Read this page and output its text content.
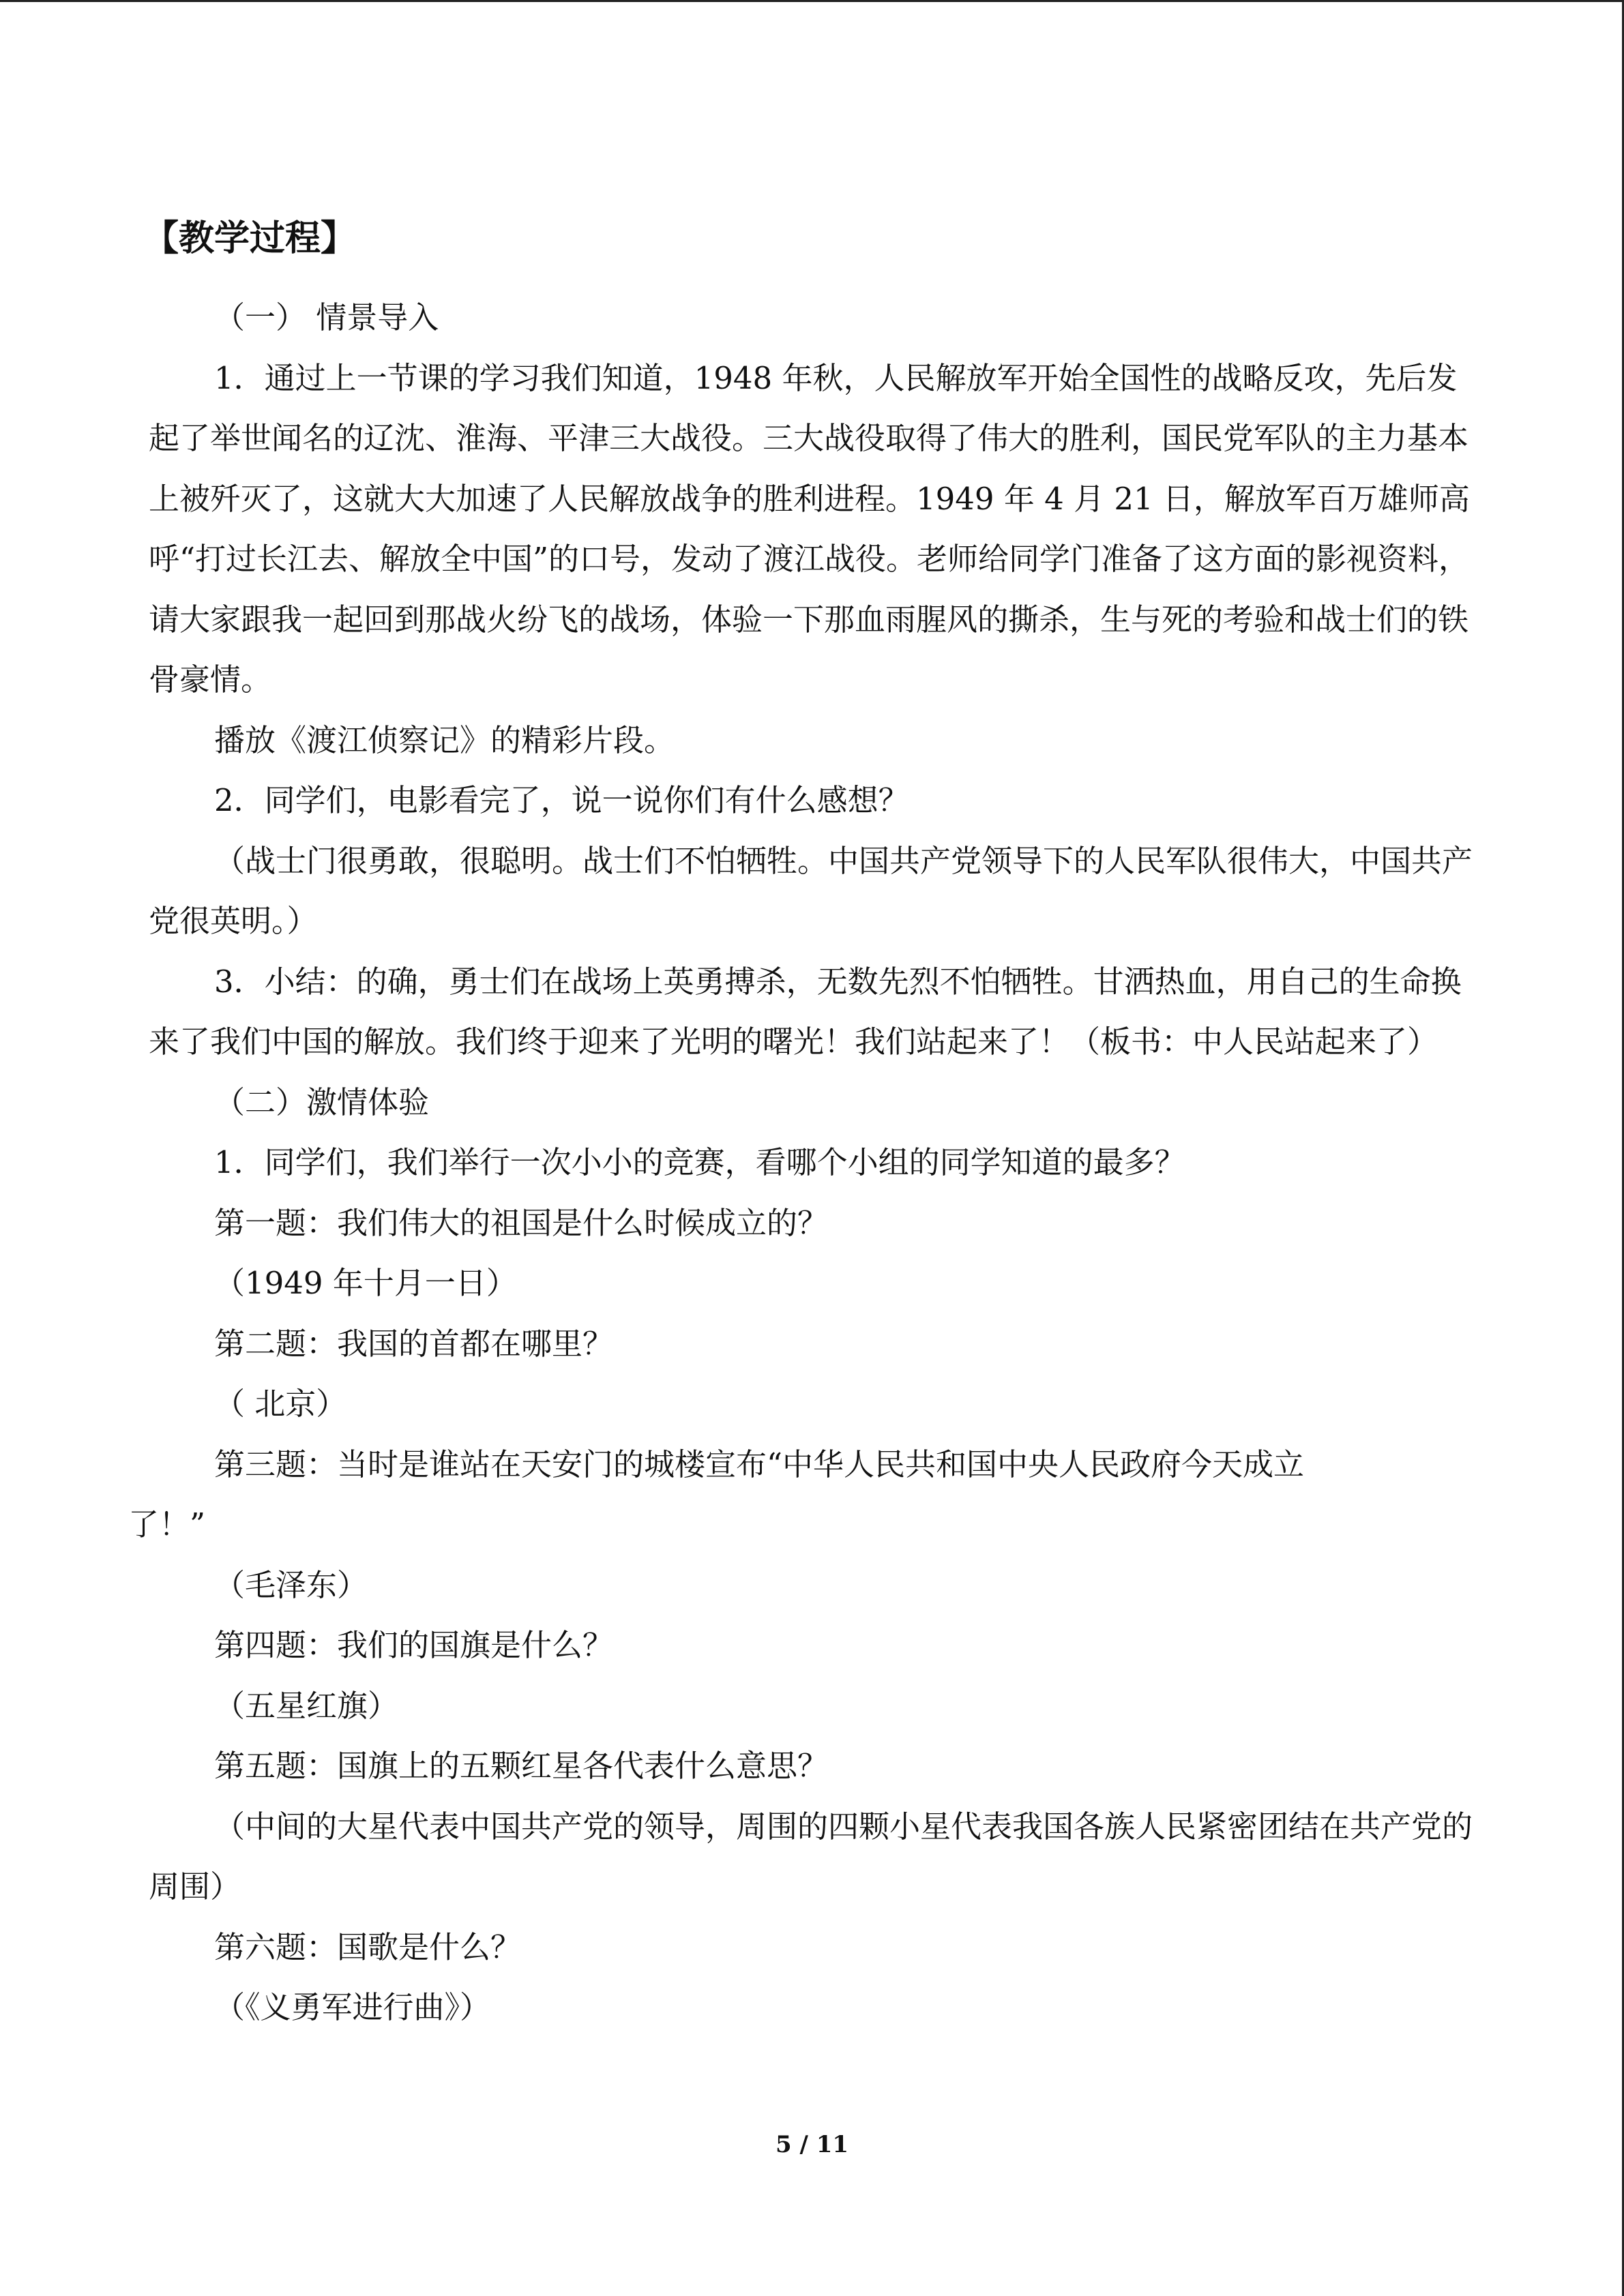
【教学过程】

（一） 情景导入

1．通过上一节课的学习我们知道，1948 年秋，人民解放军开始全国性的战略反攻，先后发起了举世闻名的辽沈、淮海、平津三大战役。三大战役取得了伟大的胜利，国民党军队的主力基本上被歼灭了，这就大大加速了人民解放战争的胜利进程。1949 年 4 月 21 日，解放军百万雄师高呼“打过长江去、解放全中国”的口号，发动了渡江战役。老师给同学门准备了这方面的影视资料，请大家跟我一起回到那战火纷飞的战场，体验一下那血雨腥风的撕杀，生与死的考验和战士们的铁骨豪情。

播放《渡江侦察记》的精彩片段。

2．同学们，电影看完了，说一说你们有什么感想？

（战士门很勇敢，很聪明。战士们不怕牺牲。中国共产党领导下的人民军队很伟大，中国共产党很英明。）

3．小结：的确，勇士们在战场上英勇搏杀，无数先烈不怕牺牲。甘洒热血，用自己的生命换来了我们中国的解放。我们终于迎来了光明的曙光！我们站起来了！（板书：中人民站起来了）

（二）激情体验

1．同学们，我们举行一次小小的竞赛，看哪个小组的同学知道的最多？

第一题：我们伟大的祖国是什么时候成立的？

（1949 年十月一日）

第二题：我国的首都在哪里？

（ 北京）

第三题：当时是谁站在天安门的城楼宣布“中华人民共和国中央人民政府今天成立了！”

（毛泽东）

第四题：我们的国旗是什么？

（五星红旗）

第五题：国旗上的五颗红星各代表什么意思？

（中间的大星代表中国共产党的领导，周围的四颗小星代表我国各族人民紧密团结在共产党的周围）

第六题：国歌是什么？

（《义勇军进行曲》）

5 / 11
